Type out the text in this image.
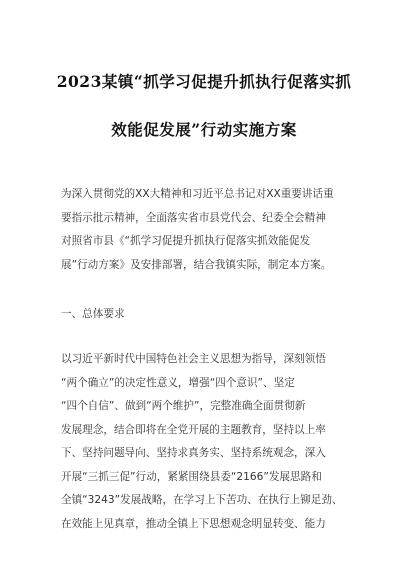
2023某镇“抓学习促提升抓执行促落实抓
效能促发展”行动实施方案
为深入贯彻党的XX大精神和习近平总书记对XX重要讲话重
要指示批示精神，全面落实省市县党代会、纪委全会精神
对照省市县《“抓学习促提升抓执行促落实抓效能促发
展”行动方案》及安排部署，结合我镇实际，制定本方案。
一、总体要求
以习近平新时代中国特色社会主义思想为指导，深刻领悟
“两个确立”的决定性意义，增强“四个意识”、坚定
“四个自信”、做到“两个维护”，完整准确全面贯彻新
发展理念，结合即将在全党开展的主题教育，坚持以上率
下、坚持问题导向、坚持求真务实、坚持系统观念，深入
开展“三抓三促”行动，紧紧围绕县委“2166”发展思路和
全镇“3243”发展战略，在学习上下苦功、在执行上铆足劲、
在效能上见真章，推动全镇上下思想观念明显转变、能力
